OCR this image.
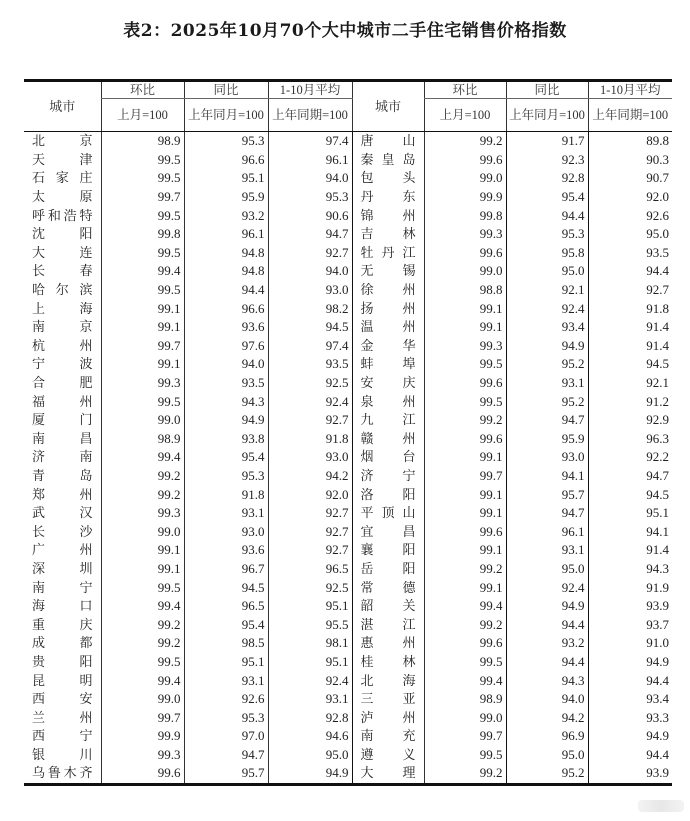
表2：2025年10月70个大中城市二手住宅销售价格指数
城市	环比	同比	1-10月平均	城市	环比	同比	1-10月平均
	上月=100	上年同月=100	上年同期=100		上月=100	上年同月=100	上年同期=100
北　　京	98.9	95.3	97.4	唐　　山	99.2	91.7	89.8
天　　津	99.5	96.6	96.1	秦 皇 岛	99.6	92.3	90.3
石 家 庄	99.5	95.1	94.0	包　　头	99.0	92.8	90.7
太　　原	99.7	95.9	95.3	丹　　东	99.9	95.4	92.0
呼和浩特	99.5	93.2	90.6	锦　　州	99.8	94.4	92.6
沈　　阳	99.8	96.1	94.7	吉　　林	99.3	95.3	95.0
大　　连	99.5	94.8	92.7	牡 丹 江	99.6	95.8	93.5
长　　春	99.4	94.8	94.0	无　　锡	99.0	95.0	94.4
哈 尔 滨	99.5	94.4	93.0	徐　　州	98.8	92.1	92.7
上　　海	99.1	96.6	98.2	扬　　州	99.1	92.4	91.8
南　　京	99.1	93.6	94.5	温　　州	99.1	93.4	91.4
杭　　州	99.7	97.6	97.4	金　　华	99.3	94.9	91.4
宁　　波	99.1	94.0	93.5	蚌　　埠	99.5	95.2	94.5
合　　肥	99.3	93.5	92.5	安　　庆	99.6	93.1	92.1
福　　州	99.5	94.3	92.4	泉　　州	99.5	95.2	91.2
厦　　门	99.0	94.9	92.7	九　　江	99.2	94.7	92.9
南　　昌	98.9	93.8	91.8	赣　　州	99.6	95.9	96.3
济　　南	99.4	95.4	93.0	烟　　台	99.1	93.0	92.2
青　　岛	99.2	95.3	94.2	济　　宁	99.7	94.1	94.7
郑　　州	99.2	91.8	92.0	洛　　阳	99.1	95.7	94.5
武　　汉	99.3	93.1	92.7	平 顶 山	99.1	94.7	95.1
长　　沙	99.0	93.0	92.7	宜　　昌	99.6	96.1	94.1
广　　州	99.1	93.6	92.7	襄　　阳	99.1	93.1	91.4
深　　圳	99.1	96.7	96.5	岳　　阳	99.2	95.0	94.3
南　　宁	99.5	94.5	92.5	常　　德	99.1	92.4	91.9
海　　口	99.4	96.5	95.1	韶　　关	99.4	94.9	93.9
重　　庆	99.2	95.4	95.5	湛　　江	99.2	94.4	93.7
成　　都	99.2	98.5	98.1	惠　　州	99.6	93.2	91.0
贵　　阳	99.5	95.1	95.1	桂　　林	99.5	94.4	94.9
昆　　明	99.4	93.1	92.4	北　　海	99.4	94.3	94.4
西　　安	99.0	92.6	93.1	三　　亚	98.9	94.0	93.4
兰　　州	99.7	95.3	92.8	泸　　州	99.0	94.2	93.3
西　　宁	99.9	97.0	94.6	南　　充	99.7	96.9	94.9
银　　川	99.3	94.7	95.0	遵　　义	99.5	95.0	94.4
乌鲁木齐	99.6	95.7	94.9	大　　理	99.2	95.2	93.9
